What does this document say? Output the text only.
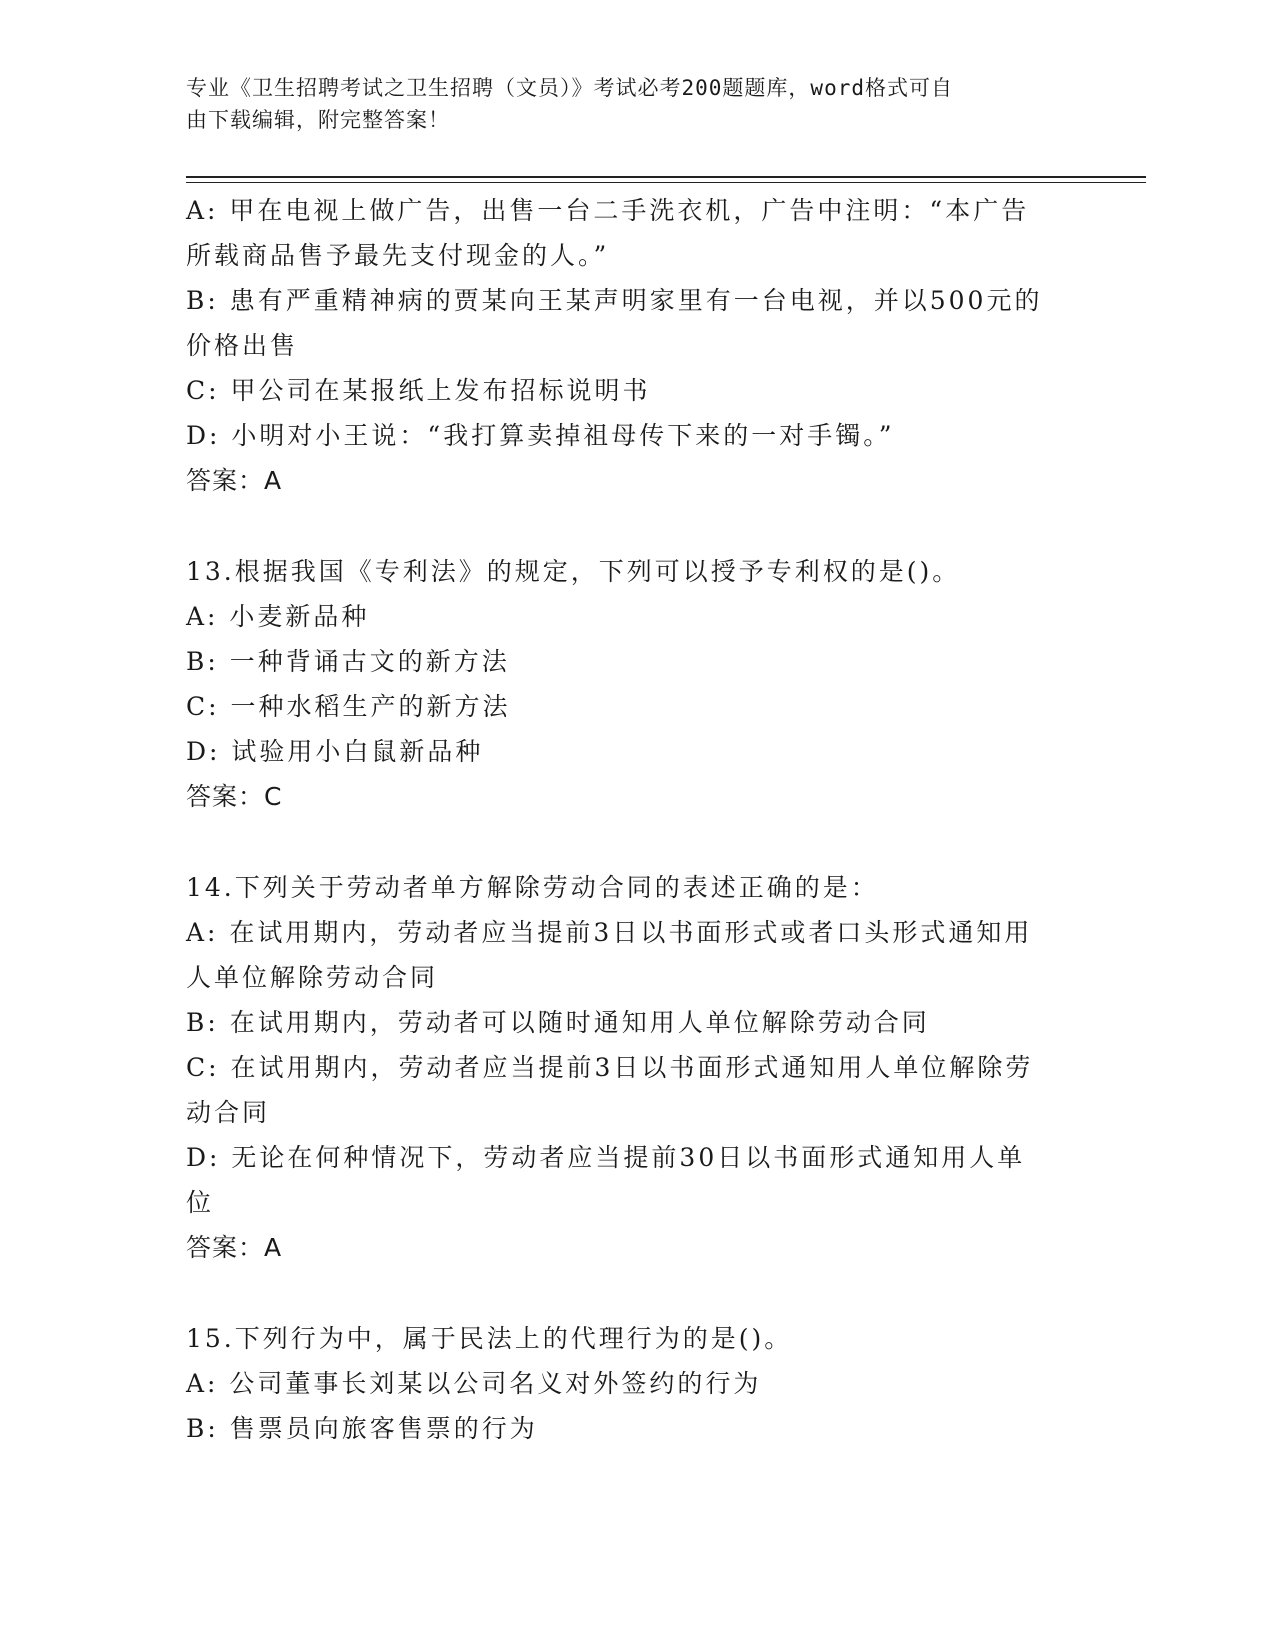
专业《卫生招聘考试之卫生招聘（文员）》考试必考200题题库，word格式可自
由下载编辑，附完整答案！

A: 甲在电视上做广告，出售一台二手洗衣机，广告中注明：“本广告

所载商品售予最先支付现金的人。”

B: 患有严重精神病的贾某向王某声明家里有一台电视，并以500元的

价格出售

C: 甲公司在某报纸上发布招标说明书

D: 小明对小王说：“我打算卖掉祖母传下来的一对手镯。”

答案：A

13.根据我国《专利法》的规定，下列可以授予专利权的是()。

A: 小麦新品种

B: 一种背诵古文的新方法

C: 一种水稻生产的新方法

D: 试验用小白鼠新品种

答案：C

14.下列关于劳动者单方解除劳动合同的表述正确的是：

A: 在试用期内，劳动者应当提前3日以书面形式或者口头形式通知用

人单位解除劳动合同

B: 在试用期内，劳动者可以随时通知用人单位解除劳动合同

C: 在试用期内，劳动者应当提前3日以书面形式通知用人单位解除劳

动合同

D: 无论在何种情况下，劳动者应当提前30日以书面形式通知用人单

位

答案：A

15.下列行为中，属于民法上的代理行为的是()。

A: 公司董事长刘某以公司名义对外签约的行为

B: 售票员向旅客售票的行为
